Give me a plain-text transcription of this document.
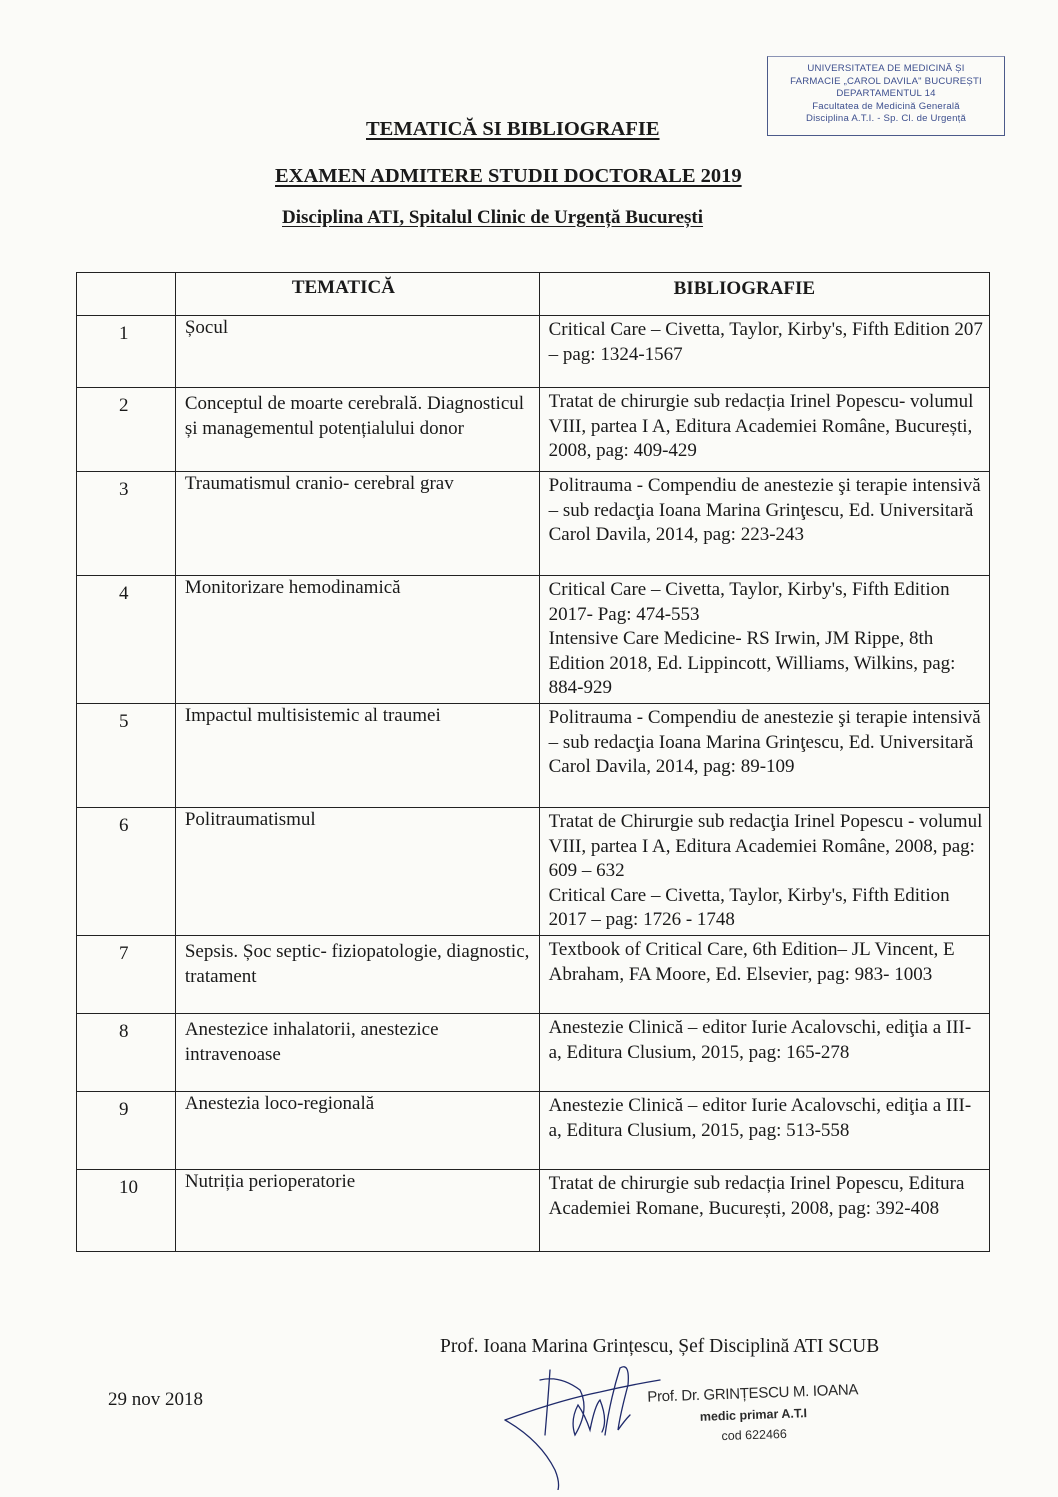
UNIVERSITATEA DE MEDICINĂ ȘI
FARMACIE „CAROL DAVILA" BUCUREȘTI
DEPARTAMENTUL 14
Facultatea de Medicină Generală
Disciplina A.T.I. - Sp. Cl. de Urgență
TEMATICĂ SI BIBLIOGRAFIE
EXAMEN ADMITERE STUDII DOCTORALE 2019
Disciplina ATI, Spitalul Clinic de Urgență București
	TEMATICĂ	BIBLIOGRAFIE
1	Șocul	Critical Care – Civetta, Taylor, Kirby's, Fifth Edition 207 – pag: 1324-1567

2	Conceptul de moarte cerebrală. Diagnosticul și managementul potențialului donor	Tratat de chirurgie sub redacția Irinel Popescu- volumul VIII, partea I A, Editura Academiei Române, București, 2008, pag: 409-429

3	Traumatismul cranio- cerebral grav	Politrauma - Compendiu de anestezie şi terapie intensivă – sub redacţia Ioana Marina Grinţescu, Ed. Universitară Carol Davila, 2014, pag: 223-243

4	Monitorizare hemodinamică	Critical Care – Civetta, Taylor, Kirby's, Fifth Edition 2017- Pag: 474-553
Intensive Care Medicine- RS Irwin, JM Rippe, 8th Edition 2018, Ed. Lippincott, Williams, Wilkins, pag: 884-929

5	Impactul multisistemic al traumei	Politrauma - Compendiu de anestezie şi terapie intensivă – sub redacţia Ioana Marina Grinţescu, Ed. Universitară Carol Davila, 2014, pag: 89-109

6	Politraumatismul	Tratat de Chirurgie sub redacţia Irinel Popescu - volumul VIII, partea I A, Editura Academiei Române, 2008, pag: 609 – 632
Critical Care – Civetta, Taylor, Kirby's, Fifth Edition 2017 – pag: 1726 - 1748

7	Sepsis. Șoc septic- fiziopatologie, diagnostic, tratament	Textbook of Critical Care, 6th Edition– JL Vincent, E Abraham, FA Moore, Ed. Elsevier, pag: 983- 1003

8	Anestezice inhalatorii, anestezice intravenoase	Anestezie Clinică – editor Iurie Acalovschi, ediţia a III-a, Editura Clusium, 2015, pag: 165-278

9	Anestezia loco-regională	Anestezie Clinică – editor Iurie Acalovschi, ediţia a III-a, Editura Clusium, 2015, pag: 513-558

10	Nutriția perioperatorie	Tratat de chirurgie sub redacția Irinel Popescu, Editura Academiei Romane, București, 2008, pag: 392-408
Prof. Ioana Marina Grințescu, Șef Disciplină ATI SCUB
29 nov 2018	Prof. Dr. GRINȚESCU M. IOANA
medic primar A.T.I
cod 622466
